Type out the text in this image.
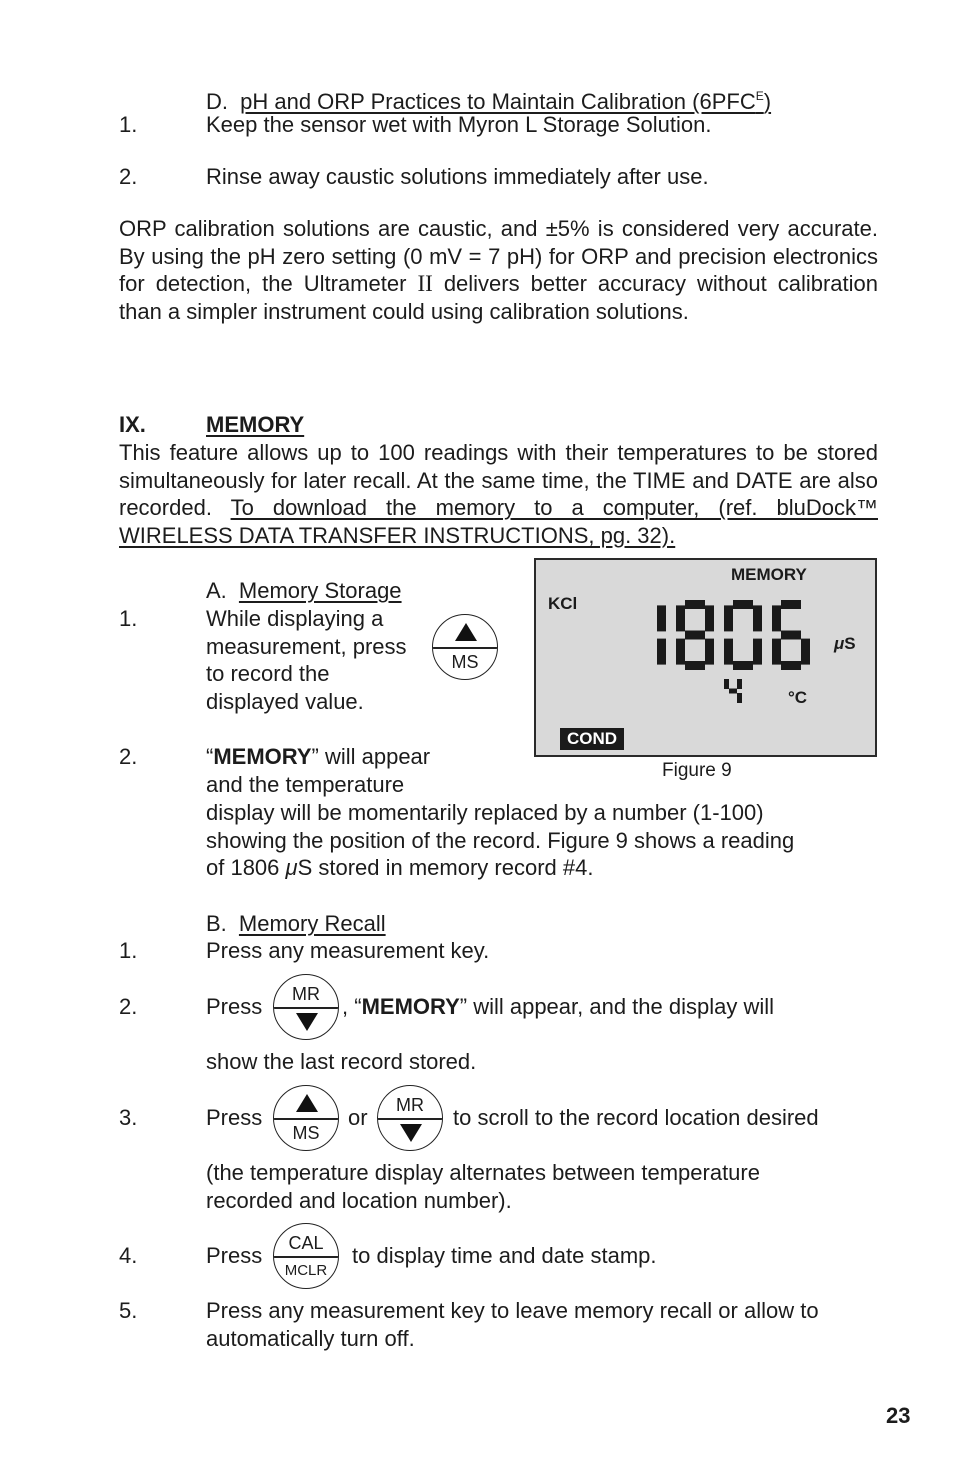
D. pH and ORP Practices to Maintain Calibration $(6PFC^E)$
1.	Keep the sensor wet with Myron L Storage Solution.
2.	Rinse away caustic solutions immediately after use.
ORP calibration solutions are caustic, and ±5% is considered very accurate. By using the pH zero setting (0 mV = 7 pH) for ORP and precision electronics for detection, the Ultrameter II delivers better accuracy without calibration than a simpler instrument could using calibration solutions.
IX.	MEMORY
This feature allows up to 100 readings with their temperatures to be stored simultaneously for later recall. At the same time, the TIME and DATE are also recorded. To download the memory to a computer, (ref. bluDock™ WIRELESS DATA TRANSFER INSTRUCTIONS, pg. 32).
A. Memory Storage
1.	While displaying a
measurement, press
to record the
displayed value.
MS
2.	“MEMORY” will appear
and the temperature
display will be momentarily replaced by a number (1-100)
showing the position of the record. Figure 9 shows a reading
of 1806 μS stored in memory record #4.
MEMORY
KCl
μS
°C
COND
Figure 9
B. Memory Recall
1.	Press any measurement key.
2.	Press	MR	, “MEMORY” will appear, and the display will
show the last record stored.
3.	Press
MS
or	MR	to scroll to the record location desired
(the temperature display alternates between temperature
recorded and location number).
4.	Press	CAL
MCLR
to display time and date stamp.
5.	Press any measurement key to leave memory recall or allow to
automatically turn off.
23
